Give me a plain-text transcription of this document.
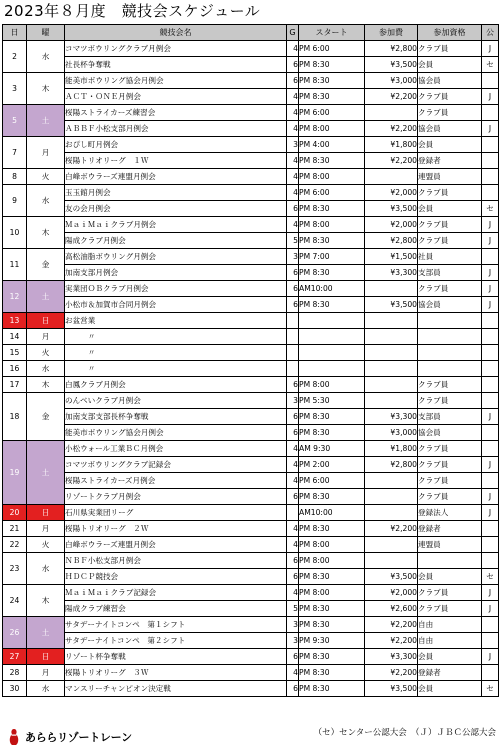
2023年８月度　競技会スケジュール
日	曜	競技会名	G	スタート	参加費	参加資格	公
2	水	コマツボウリングクラブ月例会	4	PM 6:00	¥2,800	クラブ員	J
		社長杯争奪戦	6	PM 8:30	¥3,500	会員	セ
3	木	能美市ボウリング協会月例会	6	PM 8:30	¥3,000	協会員	
		ＡＣＴ・ＯＮＥ月例会	4	PM 8:30	¥2,200	クラブ員	J
5	土	桜陽ストライカーズ練習会	4	PM 6:00		クラブ員	
		ＡＢＢＦ小松支部月例会	4	PM 8:00	¥2,200	協会員	J
7	月	おぴし町月例会	3	PM 4:00	¥1,800	会員	
		桜陽トリオリーグ　１Ｗ	4	PM 8:30	¥2,200	登録者	
8	火	白峰ボウラーズ連盟月例会	4	PM 8:00		連盟員	
9	水	玉玉館月例会	4	PM 6:00	¥2,000	クラブ員	
		友の会月例会	6	PM 8:30	¥3,500	会員	セ
10	木	ＭａｉＭａｉクラブ月例会	4	PM 8:00	¥2,000	クラブ員	J
		陽成クラブ月例会	5	PM 8:30	¥2,800	クラブ員	J
11	金	高松油脂ボウリング月例会	3	PM 7:00	¥1,500	社員	
		加南支部月例会	6	PM 8:30	¥3,300	支部員	J
12	土	実業団ＯＢクラブ月例会	6	AM10:00		クラブ員	J
		小松市＆加賀市合同月例会	6	PM 8:30	¥3,500	協会員	J
13	日	お盆営業					
14	月	　　　〃					
15	火	　　　〃					
16	水	　　　〃					
17	木	白鳳クラブ月例会	6	PM 8:00		クラブ員	
18	金	のんべいクラブ月例会	3	PM 5:30		クラブ員	
		加南支部支部長杯争奪戦	6	PM 8:30	¥3,300	支部員	J
		能美市ボウリング協会月例会	6	PM 8:30	¥3,000	協会員	
19	土	小松ウォール工業ＢＣ月例会	4	AM 9:30	¥1,800	クラブ員	
		コマツボウリングクラブ記録会	4	PM 2:00	¥2,800	クラブ員	J
		桜陽ストライカーズ月例会	4	PM 6:00		クラブ員	
		リゾートクラブ月例会	6	PM 8:30		クラブ員	J
20	日	石川県実業団リーグ		AM10:00		登録法人	J
21	月	桜陽トリオリーグ　２Ｗ	4	PM 8:30	¥2,200	登録者	
22	火	白峰ボウラーズ連盟月例会	4	PM 8:00		連盟員	
23	水	ＮＢＦ小松支部月例会	6	PM 8:00			
		ＨＤＣＰ競技会	6	PM 8:30	¥3,500	会員	セ
24	木	ＭａｉＭａｉクラブ記録会	4	PM 8:00	¥2,000	クラブ員	J
		陽成クラブ練習会	5	PM 8:30	¥2,600	クラブ員	J
26	土	サタデーナイトコンペ　第１シフト	3	PM 8:30	¥2,200	自由	
		サタデーナイトコンペ　第２シフト	3	PM 9:30	¥2,200	自由	
27	日	リゾート杯争奪戦	6	PM 8:30	¥3,300	会員	J
28	月	桜陽トリオリーグ　３Ｗ	4	PM 8:30	¥2,200	登録者	
30	水	マンスリーチャンピオン決定戦	6	PM 8:30	¥3,500	会員	セ
あららリゾートレーン	（セ）センター公認大会　（Ｊ）ＪＢＣ公認大会
